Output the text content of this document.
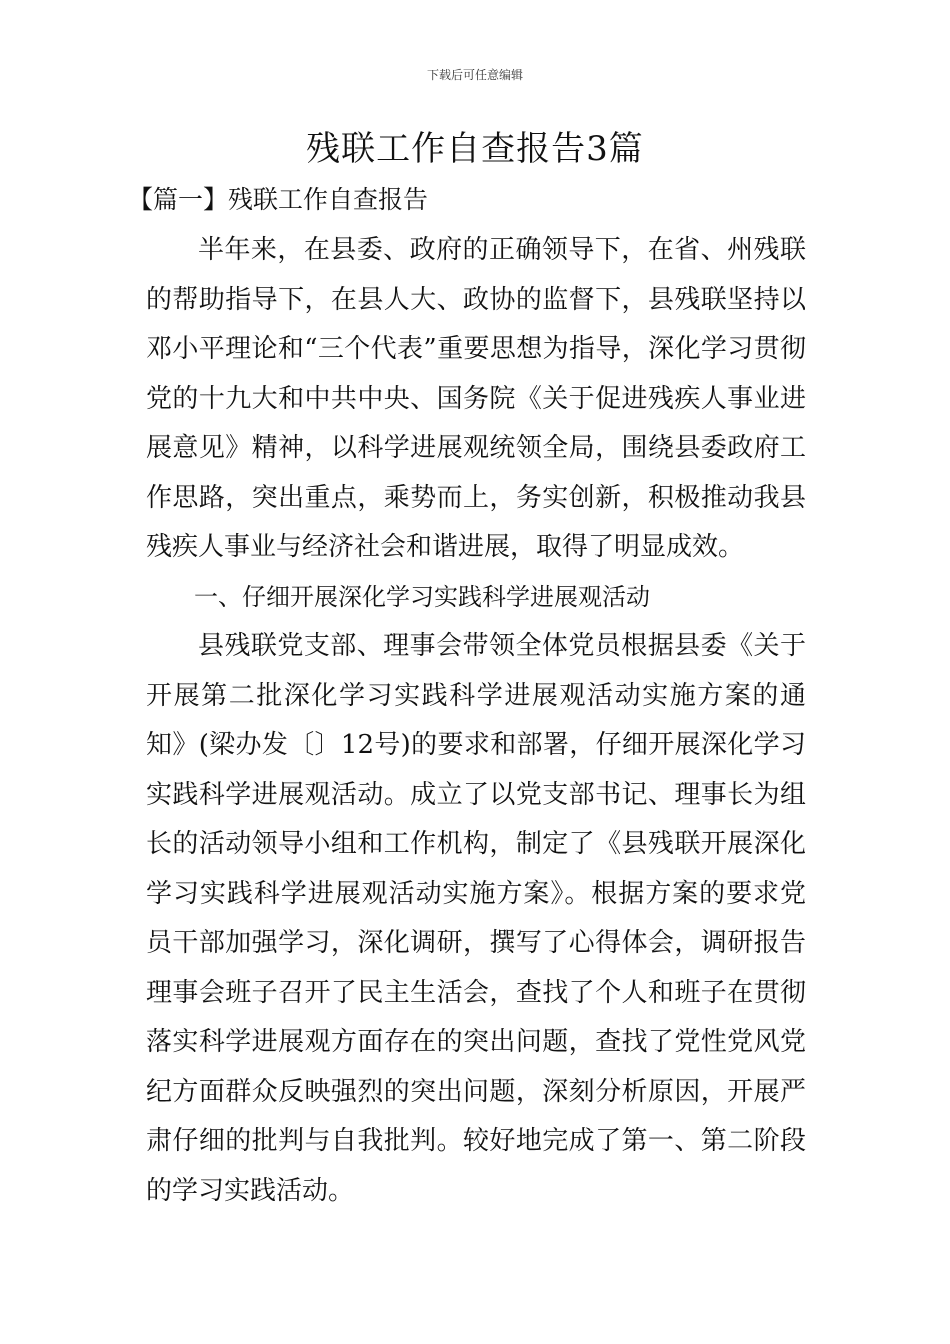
下载后可任意编辑
残联工作自查报告3篇
【篇一】残联工作自查报告

半年来，在县委、政府的正确领导下，在省、州残联的帮助指导下，在县人大、政协的监督下，县残联坚持以邓小平理论和“三个代表”重要思想为指导，深化学习贯彻党的十九大和中共中央、国务院《关于促进残疾人事业进展意见》精神，以科学进展观统领全局，围绕县委政府工作思路，突出重点，乘势而上，务实创新，积极推动我县残疾人事业与经济社会和谐进展，取得了明显成效。

一、仔细开展深化学习实践科学进展观活动

县残联党支部、理事会带领全体党员根据县委《关于开展第二批深化学习实践科学进展观活动实施方案的通知》(梁办发〔〕12号)的要求和部署，仔细开展深化学习实践科学进展观活动。成立了以党支部书记、理事长为组长的活动领导小组和工作机构，制定了《县残联开展深化学习实践科学进展观活动实施方案》。根据方案的要求党员干部加强学习，深化调研，撰写了心得体会，调研报告理事会班子召开了民主生活会，查找了个人和班子在贯彻落实科学进展观方面存在的突出问题，查找了党性党风党纪方面群众反映强烈的突出问题，深刻分析原因，开展严肃仔细的批判与自我批判。较好地完成了第一、第二阶段的学习实践活动。
